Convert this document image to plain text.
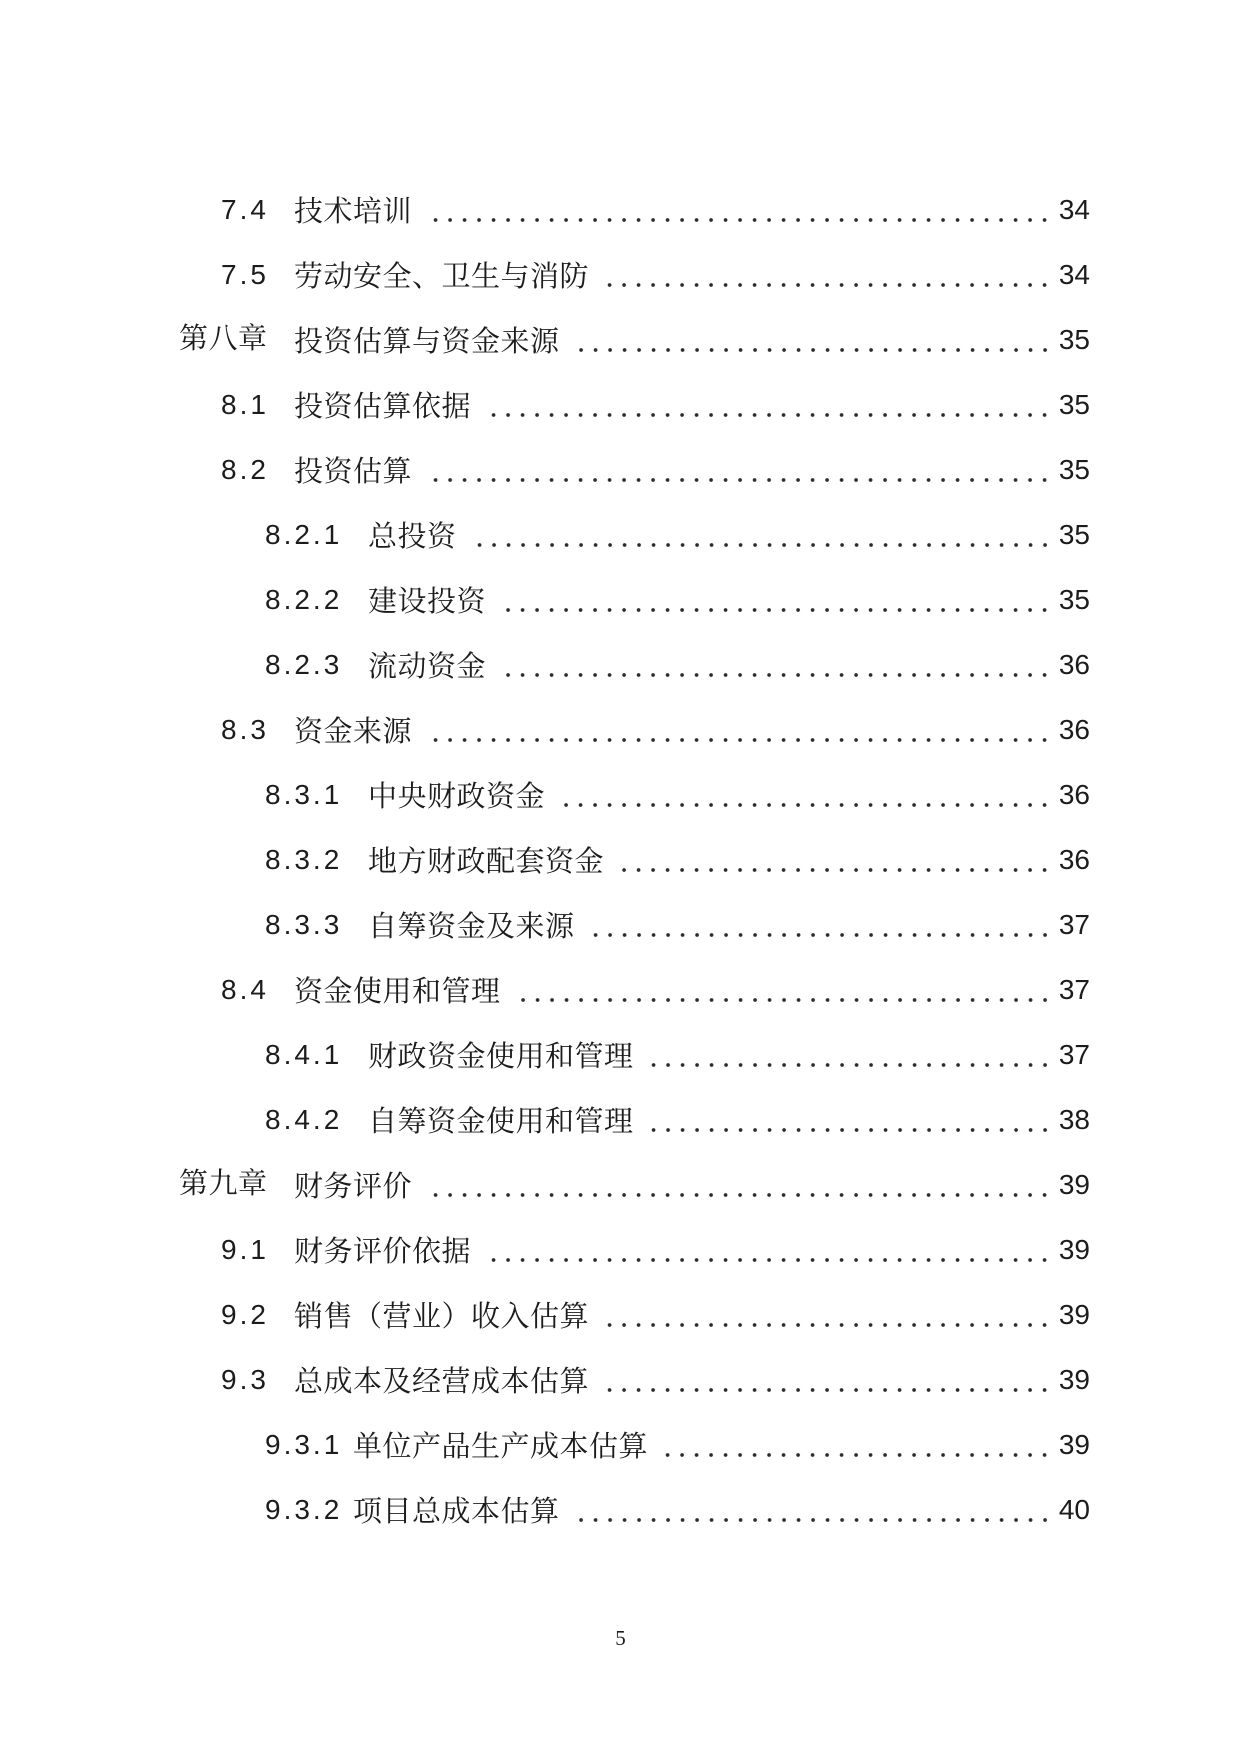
7.4 技术培训	34
7.5 劳动安全、卫生与消防	34
第八章 投资估算与资金来源	35
8.1 投资估算依据	35
8.2 投资估算	35
8.2.1 总投资	35
8.2.2 建设投资	35
8.2.3 流动资金	36
8.3 资金来源	36
8.3.1 中央财政资金	36
8.3.2 地方财政配套资金	36
8.3.3 自筹资金及来源	37
8.4 资金使用和管理	37
8.4.1 财政资金使用和管理	37
8.4.2 自筹资金使用和管理	38
第九章 财务评价	39
9.1 财务评价依据	39
9.2 销售（营业）收入估算	39
9.3 总成本及经营成本估算	39
9.3.1 单位产品生产成本估算	39
9.3.2 项目总成本估算	40
5
